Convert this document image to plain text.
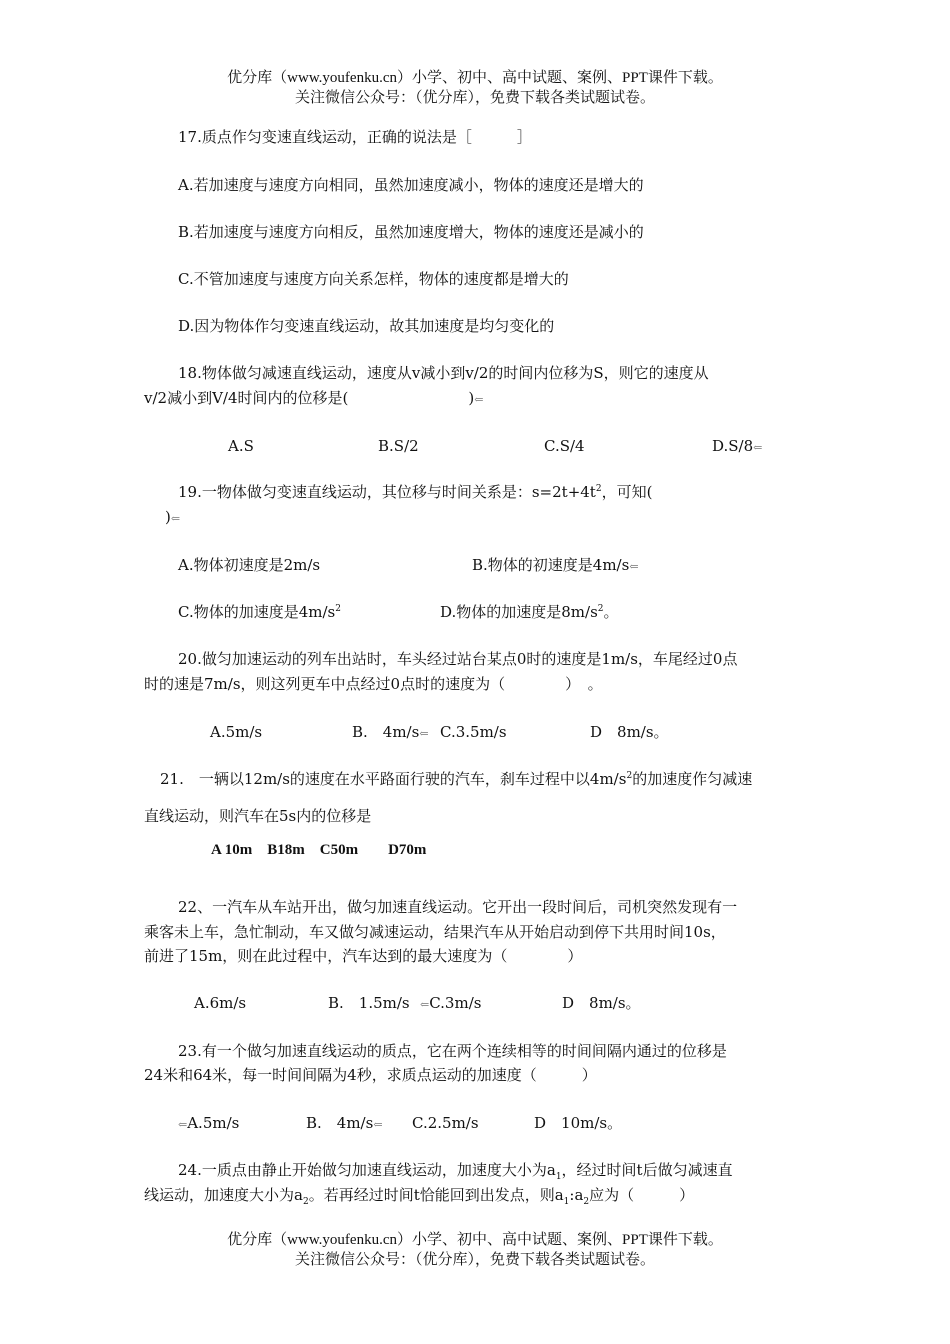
优分库（www.youfenku.cn）小学、初中、高中试题、案例、PPT课件下载。
关注微信公众号：（优分库），免费下载各类试题试卷。
17.质点作匀变速直线运动，正确的说法是［　　　］
A.若加速度与速度方向相同，虽然加速度减小，物体的速度还是增大的
B.若加速度与速度方向相反，虽然加速度增大，物体的速度还是减小的
C.不管加速度与速度方向关系怎样，物体的速度都是增大的
D.因为物体作匀变速直线运动，故其加速度是均匀变化的
18.物体做匀减速直线运动，速度从v减小到v/2的时间内位移为S，则它的速度从
v/2减小到V/4时间内的位移是(　　　　　　　　)⇐
A.S	B.S/2	C.S/4	D.S/8⇐
19.一物体做匀变速直线运动，其位移与时间关系是：$s=2t+4t^2$，可知(
)⇐
A.物体初速度是2m/s	B.物体的初速度是4m/s⇐
C.物体的加速度是$4m/s^2$	D.物体的加速度是$8m/s^2$。
20.做匀加速运动的列车出站时，车头经过站台某点0时的速度是1m/s，车尾经过0点
时的速是7m/s，则这列更车中点经过0点时的速度为（　　　　）　。
A.5m/s	B.　4m/s⇐ C.3.5m/s	D　8m/s。
21.　一辆以12m/s的速度在水平路面行驶的汽车，刹车过程中以$4m/s^2$的加速度作匀减速
直线运动，则汽车在5s内的位移是
A 10m　B18m　C50m　　D70m
22、一汽车从车站开出，做匀加速直线运动。它开出一段时间后，司机突然发现有一
乘客未上车，急忙制动，车又做匀减速运动，结果汽车从开始启动到停下共用时间10s，
前进了15m，则在此过程中，汽车达到的最大速度为（　　　　）
A.6m/s	B.　1.5m/s ⇐C.3m/s	D　8m/s。
23.有一个做匀加速直线运动的质点，它在两个连续相等的时间间隔内通过的位移是
24米和64米，每一时间间隔为4秒，求质点运动的加速度（　　　）
⇐A.5m/s	B.　4m/s⇐ C.2.5m/s	D　10m/s。
24.一质点由静止开始做匀加速直线运动，加速度大小为$a_1$，经过时间t后做匀减速直
线运动，加速度大小为$a_2$。若再经过时间t恰能回到出发点，则$a_1:a_2$应为（　　　）
优分库（www.youfenku.cn）小学、初中、高中试题、案例、PPT课件下载。
关注微信公众号：（优分库），免费下载各类试题试卷。
